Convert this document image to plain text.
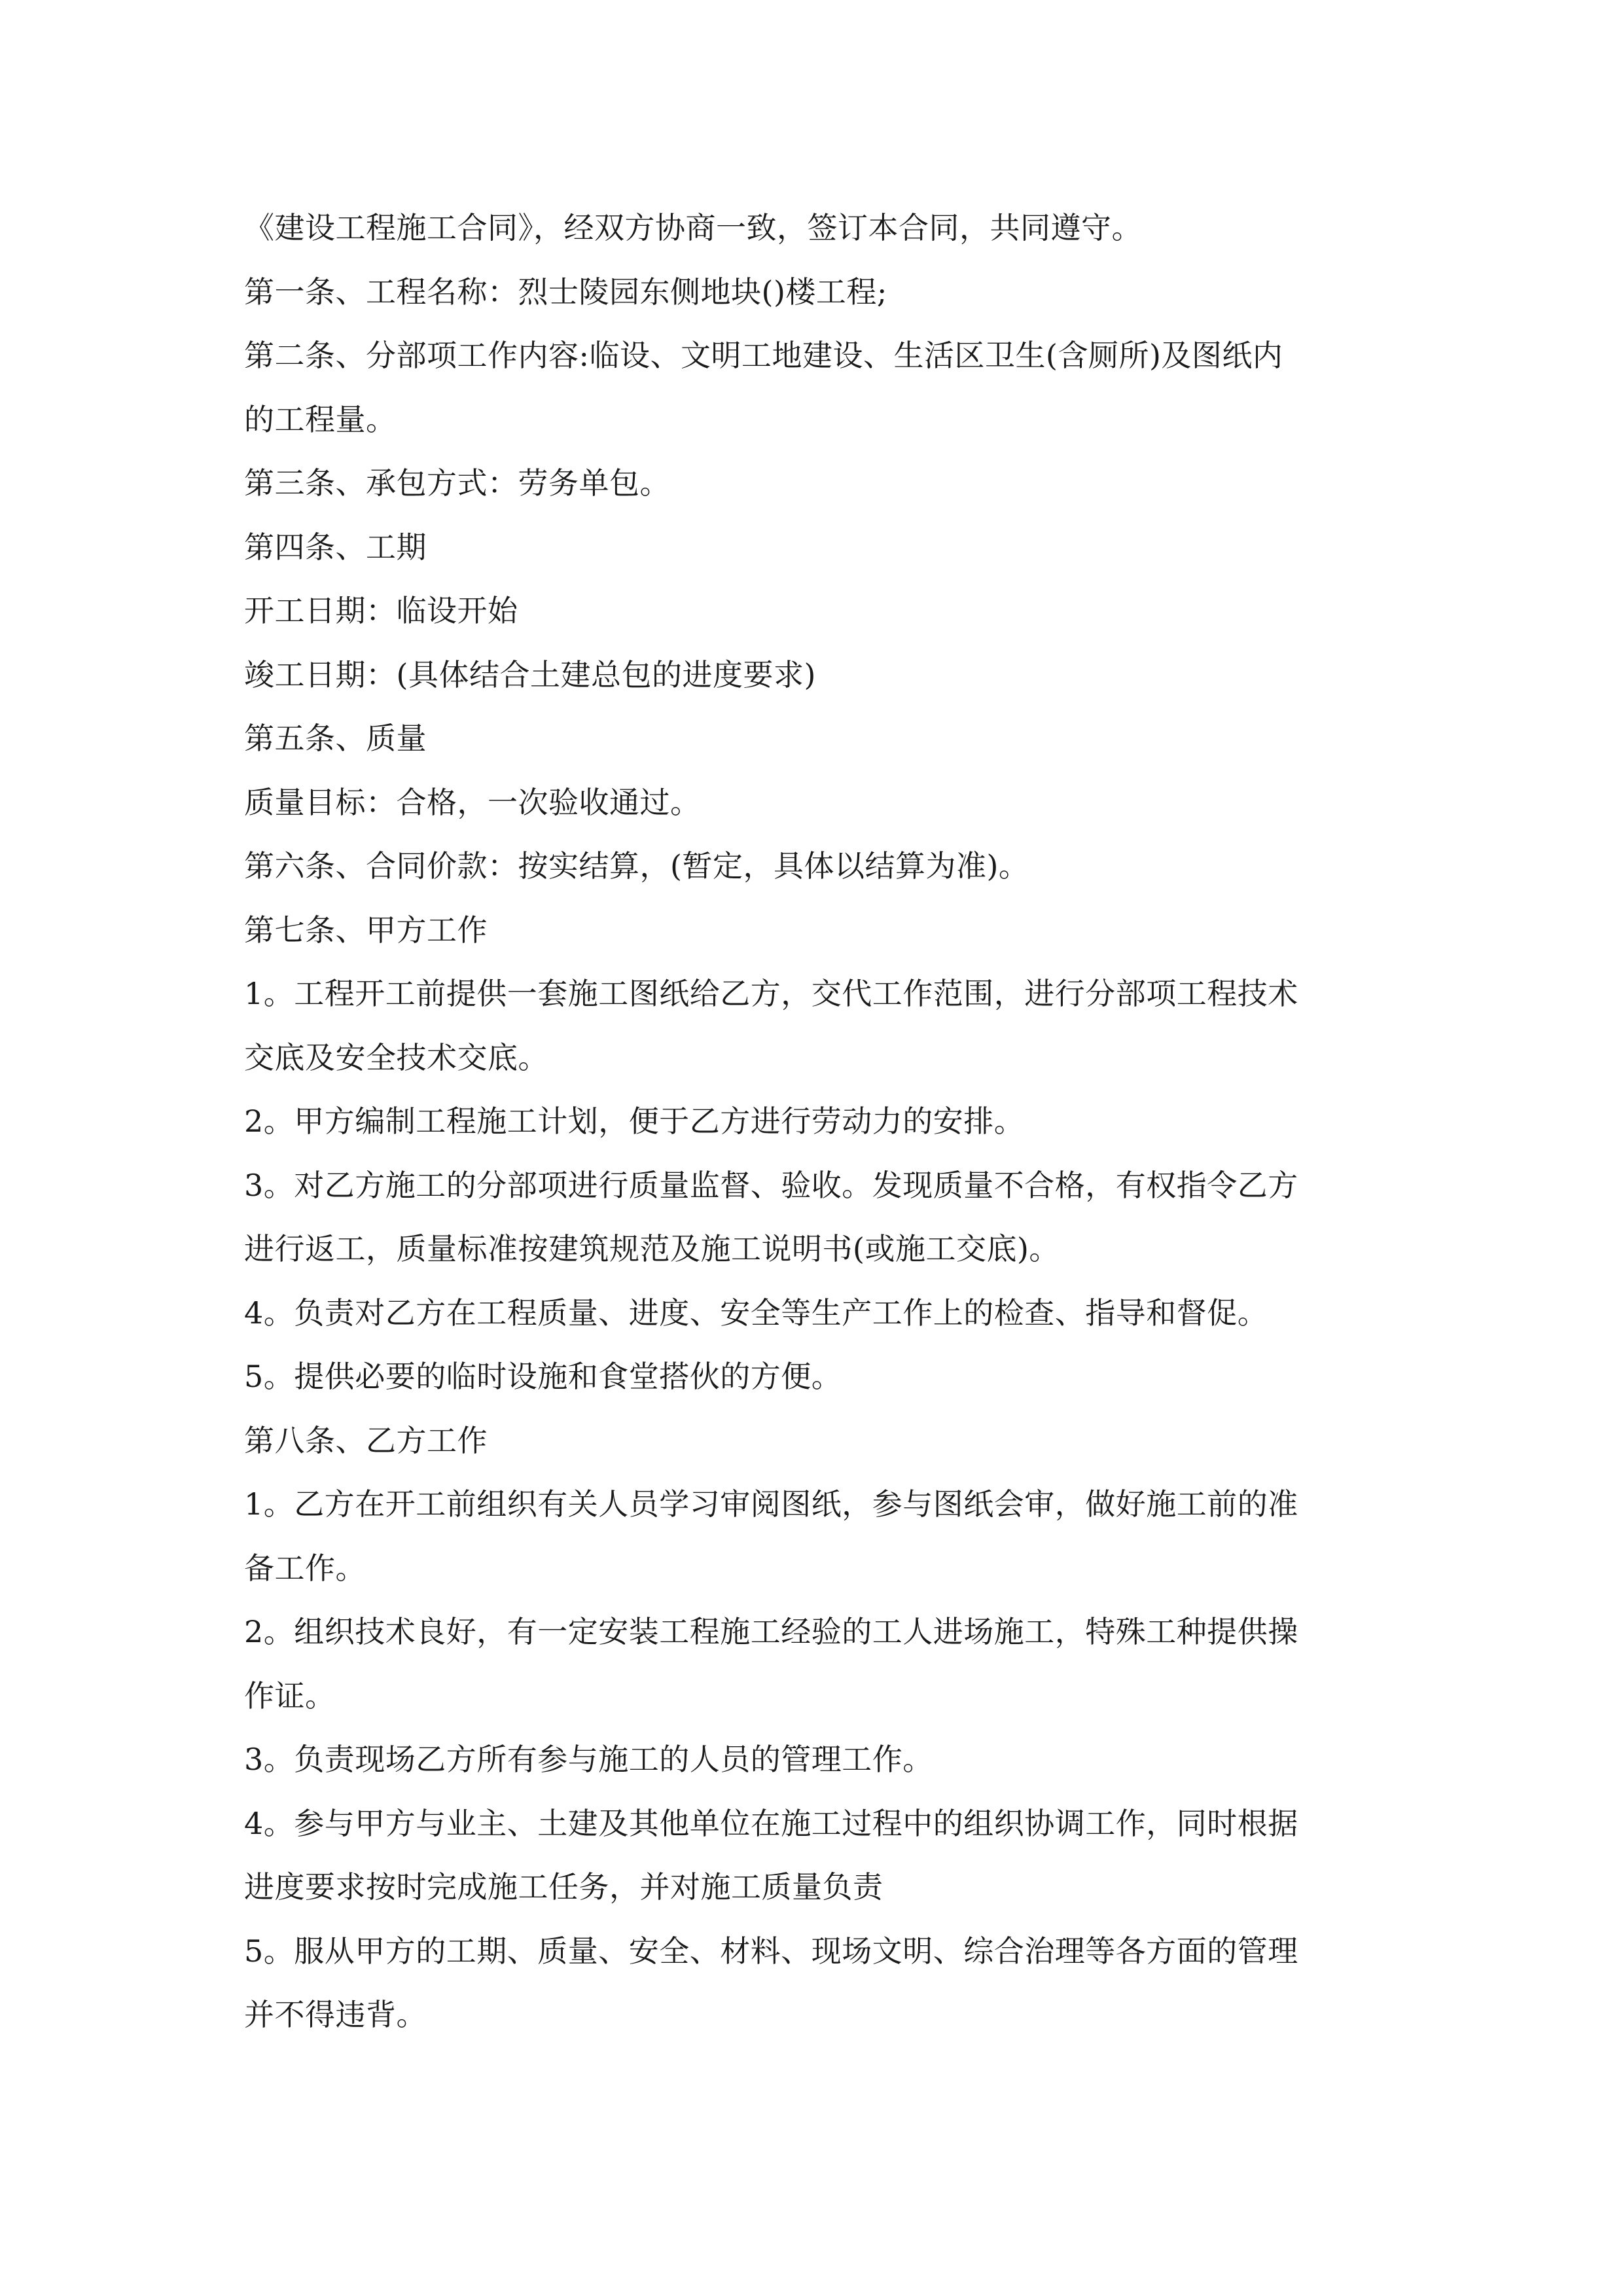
《建设工程施工合同》，经双方协商一致，签订本合同，共同遵守。

第一条、工程名称：烈士陵园东侧地块()楼工程;

第二条、分部项工作内容:临设、文明工地建设、生活区卫生(含厕所)及图纸内

的工程量。

第三条、承包方式：劳务单包。

第四条、工期

开工日期：临设开始

竣工日期：(具体结合土建总包的进度要求)

第五条、质量

质量目标：合格，一次验收通过。

第六条、合同价款：按实结算，(暂定，具体以结算为准)。

第七条、甲方工作

1。工程开工前提供一套施工图纸给乙方，交代工作范围，进行分部项工程技术

交底及安全技术交底。

2。甲方编制工程施工计划，便于乙方进行劳动力的安排。

3。对乙方施工的分部项进行质量监督、验收。发现质量不合格，有权指令乙方

进行返工，质量标准按建筑规范及施工说明书(或施工交底)。

4。负责对乙方在工程质量、进度、安全等生产工作上的检查、指导和督促。

5。提供必要的临时设施和食堂搭伙的方便。

第八条、乙方工作

1。乙方在开工前组织有关人员学习审阅图纸，参与图纸会审，做好施工前的准

备工作。

2。组织技术良好，有一定安装工程施工经验的工人进场施工，特殊工种提供操

作证。

3。负责现场乙方所有参与施工的人员的管理工作。

4。参与甲方与业主、土建及其他单位在施工过程中的组织协调工作，同时根据

进度要求按时完成施工任务，并对施工质量负责

5。服从甲方的工期、质量、安全、材料、现场文明、综合治理等各方面的管理

并不得违背。
